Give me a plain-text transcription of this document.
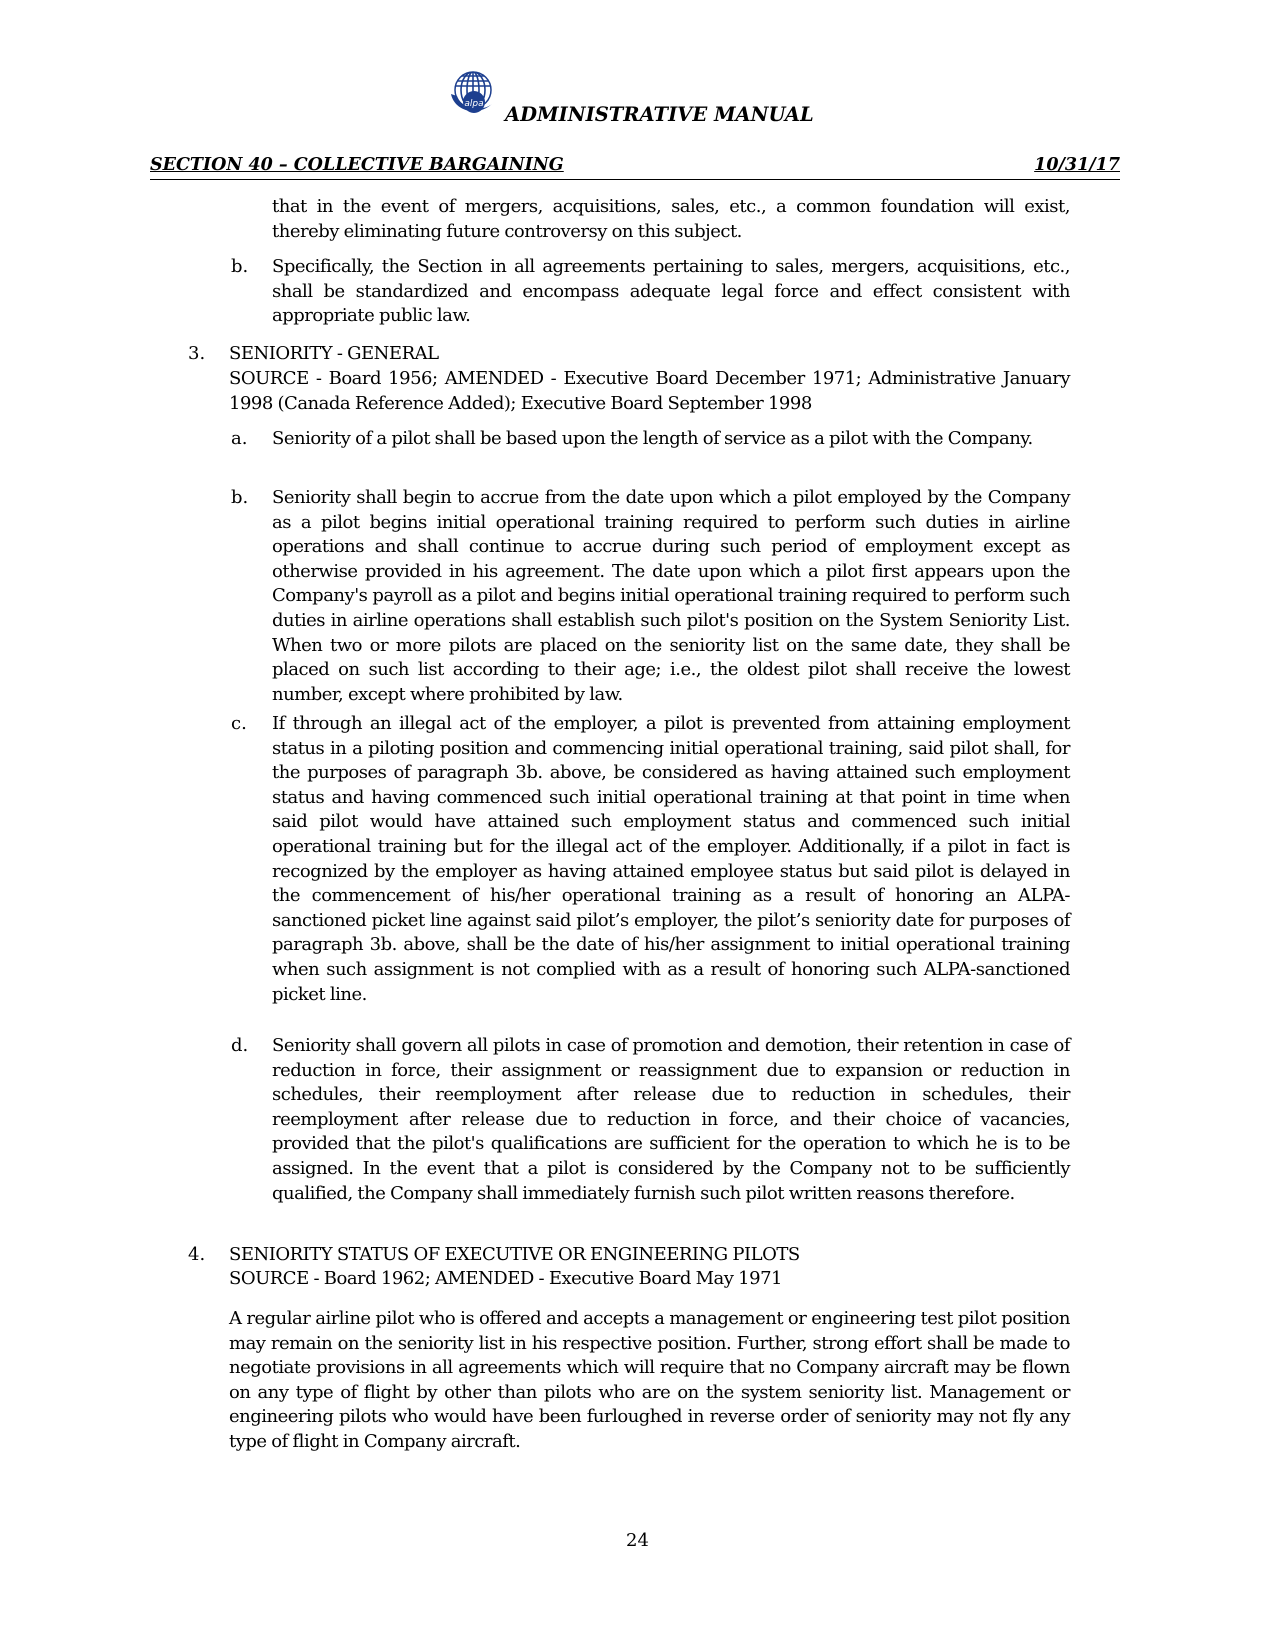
alpa ADMINISTRATIVE MANUAL
SECTION 40 – COLLECTIVE BARGAINING	10/31/17

that in the event of mergers, acquisitions, sales, etc., a common foundation will exist, thereby eliminating future controversy on this subject.

b. Specifically, the Section in all agreements pertaining to sales, mergers, acquisitions, etc., shall be standardized and encompass adequate legal force and effect consistent with appropriate public law.

3. SENIORITY - GENERAL

SOURCE - Board 1956; AMENDED - Executive Board December 1971; Administrative January 1998 (Canada Reference Added); Executive Board September 1998

a. Seniority of a pilot shall be based upon the length of service as a pilot with the Company.

b. Seniority shall begin to accrue from the date upon which a pilot employed by the Company as a pilot begins initial operational training required to perform such duties in airline operations and shall continue to accrue during such period of employment except as otherwise provided in his agreement. The date upon which a pilot first appears upon the Company's payroll as a pilot and begins initial operational training required to perform such duties in airline operations shall establish such pilot's position on the System Seniority List. When two or more pilots are placed on the seniority list on the same date, they shall be placed on such list according to their age; i.e., the oldest pilot shall receive the lowest number, except where prohibited by law.

c. If through an illegal act of the employer, a pilot is prevented from attaining employment status in a piloting position and commencing initial operational training, said pilot shall, for the purposes of paragraph 3b. above, be considered as having attained such employment status and having commenced such initial operational training at that point in time when said pilot would have attained such employment status and commenced such initial operational training but for the illegal act of the employer. Additionally, if a pilot in fact is recognized by the employer as having attained employee status but said pilot is delayed in the commencement of his/her operational training as a result of honoring an ALPA-sanctioned picket line against said pilot’s employer, the pilot’s seniority date for purposes of paragraph 3b. above, shall be the date of his/her assignment to initial operational training when such assignment is not complied with as a result of honoring such ALPA-sanctioned picket line.

d. Seniority shall govern all pilots in case of promotion and demotion, their retention in case of reduction in force, their assignment or reassignment due to expansion or reduction in schedules, their reemployment after release due to reduction in schedules, their reemployment after release due to reduction in force, and their choice of vacancies, provided that the pilot's qualifications are sufficient for the operation to which he is to be assigned. In the event that a pilot is considered by the Company not to be sufficiently qualified, the Company shall immediately furnish such pilot written reasons therefore.

4. SENIORITY STATUS OF EXECUTIVE OR ENGINEERING PILOTS
SOURCE - Board 1962; AMENDED - Executive Board May 1971

A regular airline pilot who is offered and accepts a management or engineering test pilot position may remain on the seniority list in his respective position. Further, strong effort shall be made to negotiate provisions in all agreements which will require that no Company aircraft may be flown on any type of flight by other than pilots who are on the system seniority list. Management or engineering pilots who would have been furloughed in reverse order of seniority may not fly any type of flight in Company aircraft.

24
